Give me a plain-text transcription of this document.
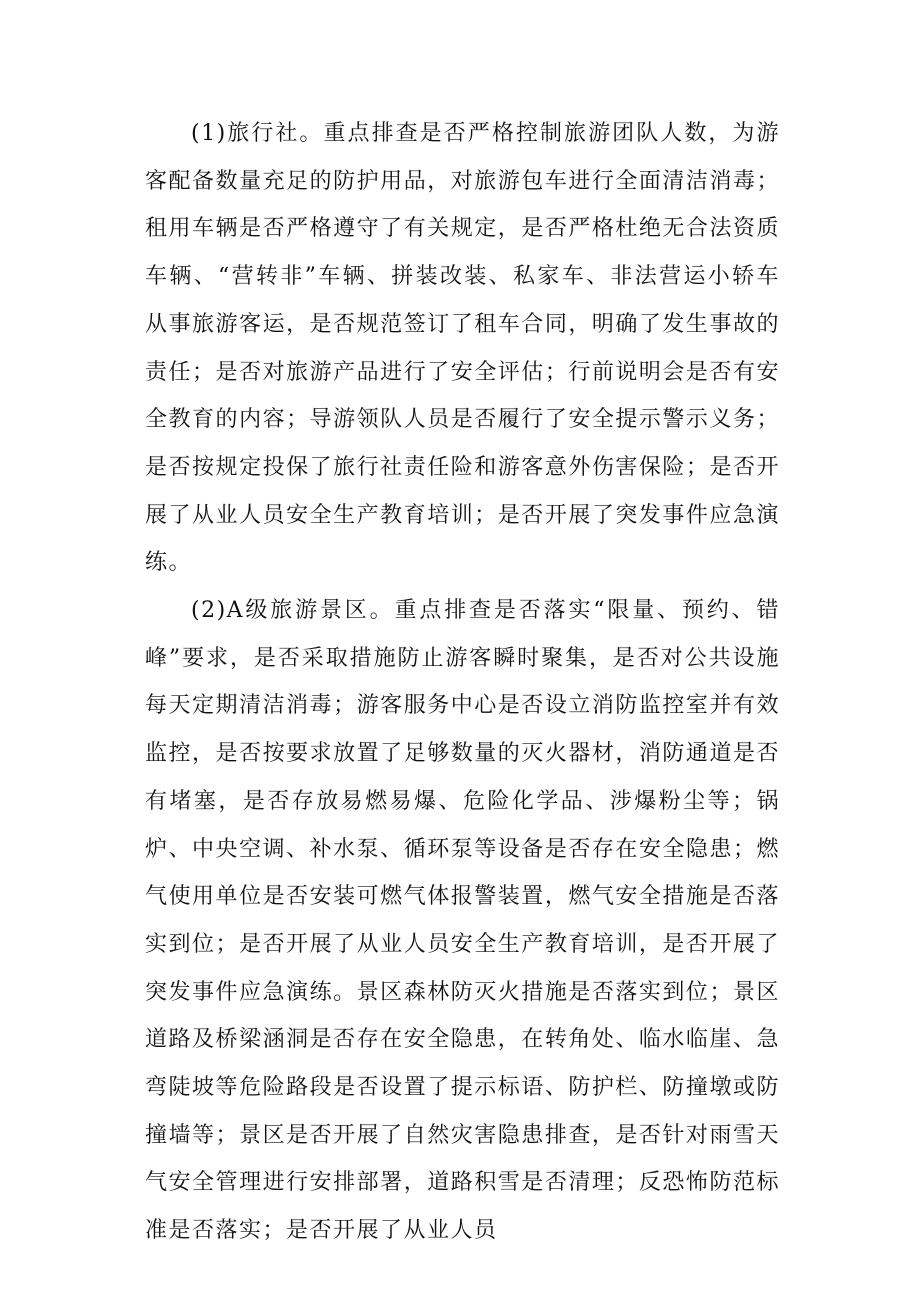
(1)旅行社。重点排查是否严格控制旅游团队人数，为游客配备数量充足的防护用品，对旅游包车进行全面清洁消毒；租用车辆是否严格遵守了有关规定，是否严格杜绝无合法资质车辆、“营转非”车辆、拼装改装、私家车、非法营运小轿车从事旅游客运，是否规范签订了租车合同，明确了发生事故的责任；是否对旅游产品进行了安全评估；行前说明会是否有安全教育的内容；导游领队人员是否履行了安全提示警示义务；是否按规定投保了旅行社责任险和游客意外伤害保险；是否开展了从业人员安全生产教育培训；是否开展了突发事件应急演练。

(2)A级旅游景区。重点排查是否落实“限量、预约、错峰”要求，是否采取措施防止游客瞬时聚集，是否对公共设施每天定期清洁消毒；游客服务中心是否设立消防监控室并有效监控，是否按要求放置了足够数量的灭火器材，消防通道是否有堵塞，是否存放易燃易爆、危险化学品、涉爆粉尘等；锅炉、中央空调、补水泵、循环泵等设备是否存在安全隐患；燃气使用单位是否安装可燃气体报警装置，燃气安全措施是否落实到位；是否开展了从业人员安全生产教育培训，是否开展了突发事件应急演练。景区森林防灭火措施是否落实到位；景区道路及桥梁涵洞是否存在安全隐患，在转角处、临水临崖、急弯陡坡等危险路段是否设置了提示标语、防护栏、防撞墩或防撞墙等；景区是否开展了自然灾害隐患排查，是否针对雨雪天气安全管理进行安排部署，道路积雪是否清理；反恐怖防范标准是否落实；是否开展了从业人员
